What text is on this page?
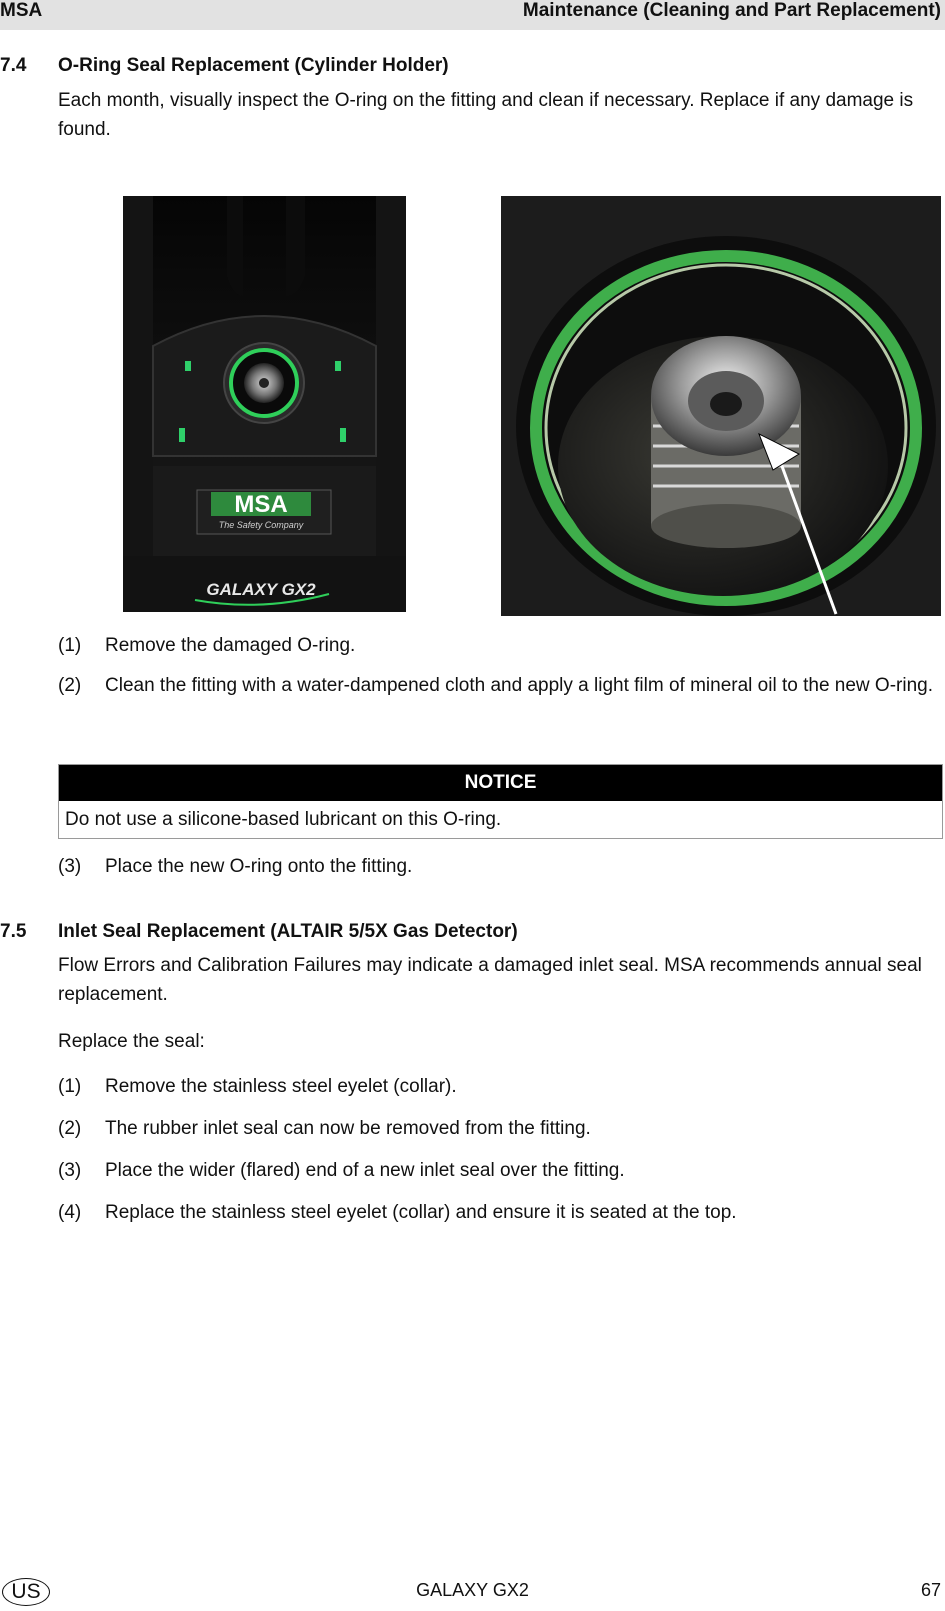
MSA	Maintenance (Cleaning and Part Replacement)
7.4 O-Ring Seal Replacement (Cylinder Holder)
Each month, visually inspect the O-ring on the fitting and clean if necessary. Replace if any damage is found.
MSA
The Safety Company
GALAXY GX2
(1) Remove the damaged O-ring.
(2) Clean the fitting with a water-dampened cloth and apply a light film of mineral oil to the new O-ring.
NOTICE
Do not use a silicone-based lubricant on this O-ring.
(3) Place the new O-ring onto the fitting.
7.5 Inlet Seal Replacement (ALTAIR 5/5X Gas Detector)
Flow Errors and Calibration Failures may indicate a damaged inlet seal. MSA recommends annual seal replacement.
Replace the seal:
(1) Remove the stainless steel eyelet (collar).
(2) The rubber inlet seal can now be removed from the fitting.
(3) Place the wider (flared) end of a new inlet seal over the fitting.
(4) Replace the stainless steel eyelet (collar) and ensure it is seated at the top.
US	GALAXY GX2	67
